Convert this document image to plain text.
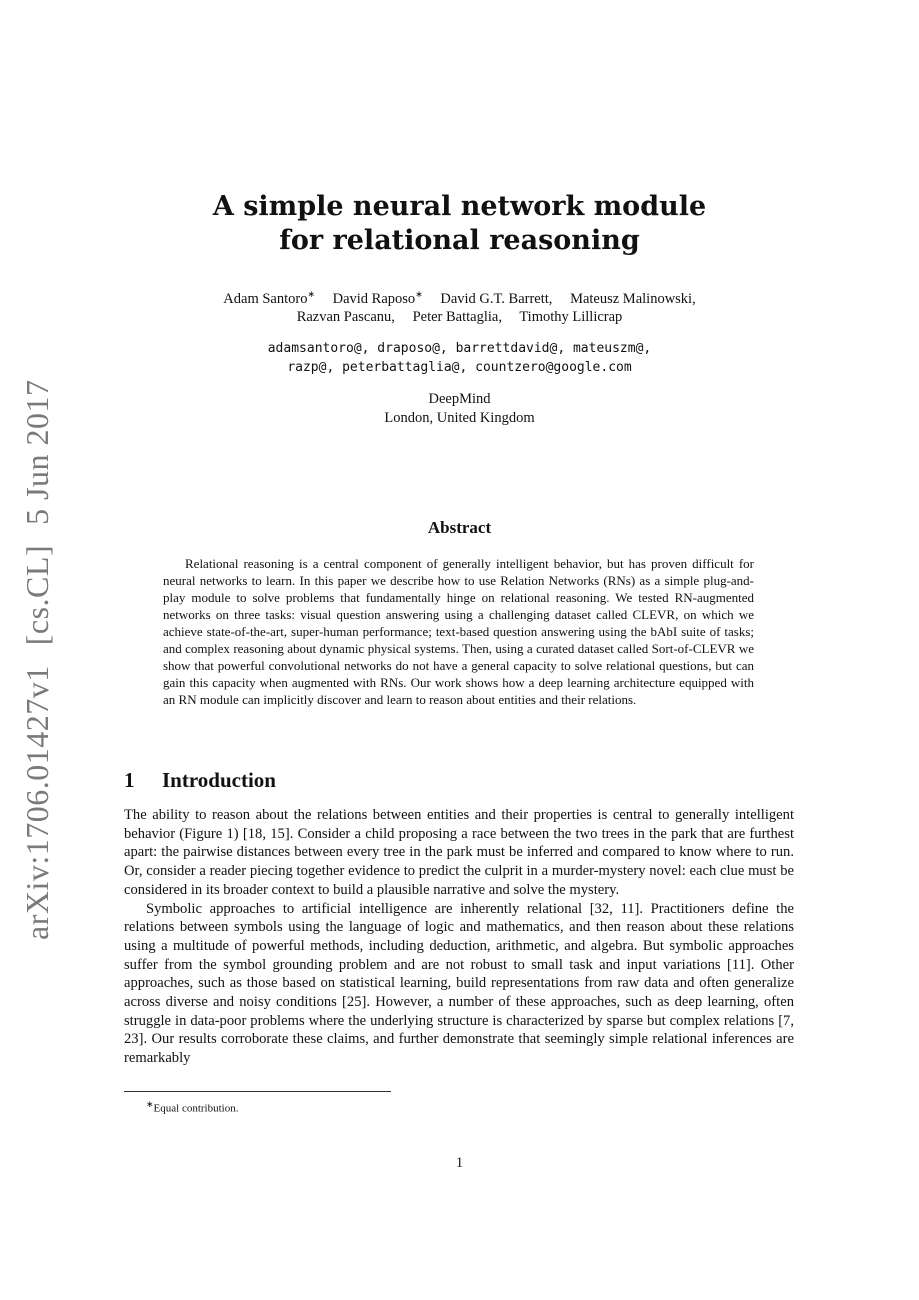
arXiv:1706.01427v1[cs.CL]5 Jun 2017
A simple neural network module
for relational reasoning
Adam Santoro∗ David Raposo∗ David G.T. Barrett, Mateusz Malinowski,
Razvan Pascanu, Peter Battaglia, Timothy Lillicrap
adamsantoro@, draposo@, barrettdavid@, mateuszm@,
razp@, peterbattaglia@, countzero@google.com
DeepMind
London, United Kingdom
Abstract

Relational reasoning is a central component of generally intelligent behavior, but has proven difficult for neural networks to learn. In this paper we describe how to use Relation Networks (RNs) as a simple plug-and-play module to solve problems that fundamentally hinge on relational reasoning. We tested RN-augmented networks on three tasks: visual question answering using a challenging dataset called CLEVR, on which we achieve state-of-the-art, super-human performance; text-based question answering using the bAbI suite of tasks; and complex reasoning about dynamic physical systems. Then, using a curated dataset called Sort-of-CLEVR we show that powerful convolutional networks do not have a general capacity to solve relational questions, but can gain this capacity when augmented with RNs. Our work shows how a deep learning architecture equipped with an RN module can implicitly discover and learn to reason about entities and their relations.

1 Introduction

The ability to reason about the relations between entities and their properties is central to generally intelligent behavior (Figure 1) [18, 15]. Consider a child proposing a race between the two trees in the park that are furthest apart: the pairwise distances between every tree in the park must be inferred and compared to know where to run. Or, consider a reader piecing together evidence to predict the culprit in a murder-mystery novel: each clue must be considered in its broader context to build a plausible narrative and solve the mystery.

Symbolic approaches to artificial intelligence are inherently relational [32, 11]. Practitioners define the relations between symbols using the language of logic and mathematics, and then reason about these relations using a multitude of powerful methods, including deduction, arithmetic, and algebra. But symbolic approaches suffer from the symbol grounding problem and are not robust to small task and input variations [11]. Other approaches, such as those based on statistical learning, build representations from raw data and often generalize across diverse and noisy conditions [25]. However, a number of these approaches, such as deep learning, often struggle in data-poor problems where the underlying structure is characterized by sparse but complex relations [7, 23]. Our results corroborate these claims, and further demonstrate that seemingly simple relational inferences are remarkably

∗Equal contribution.
1
